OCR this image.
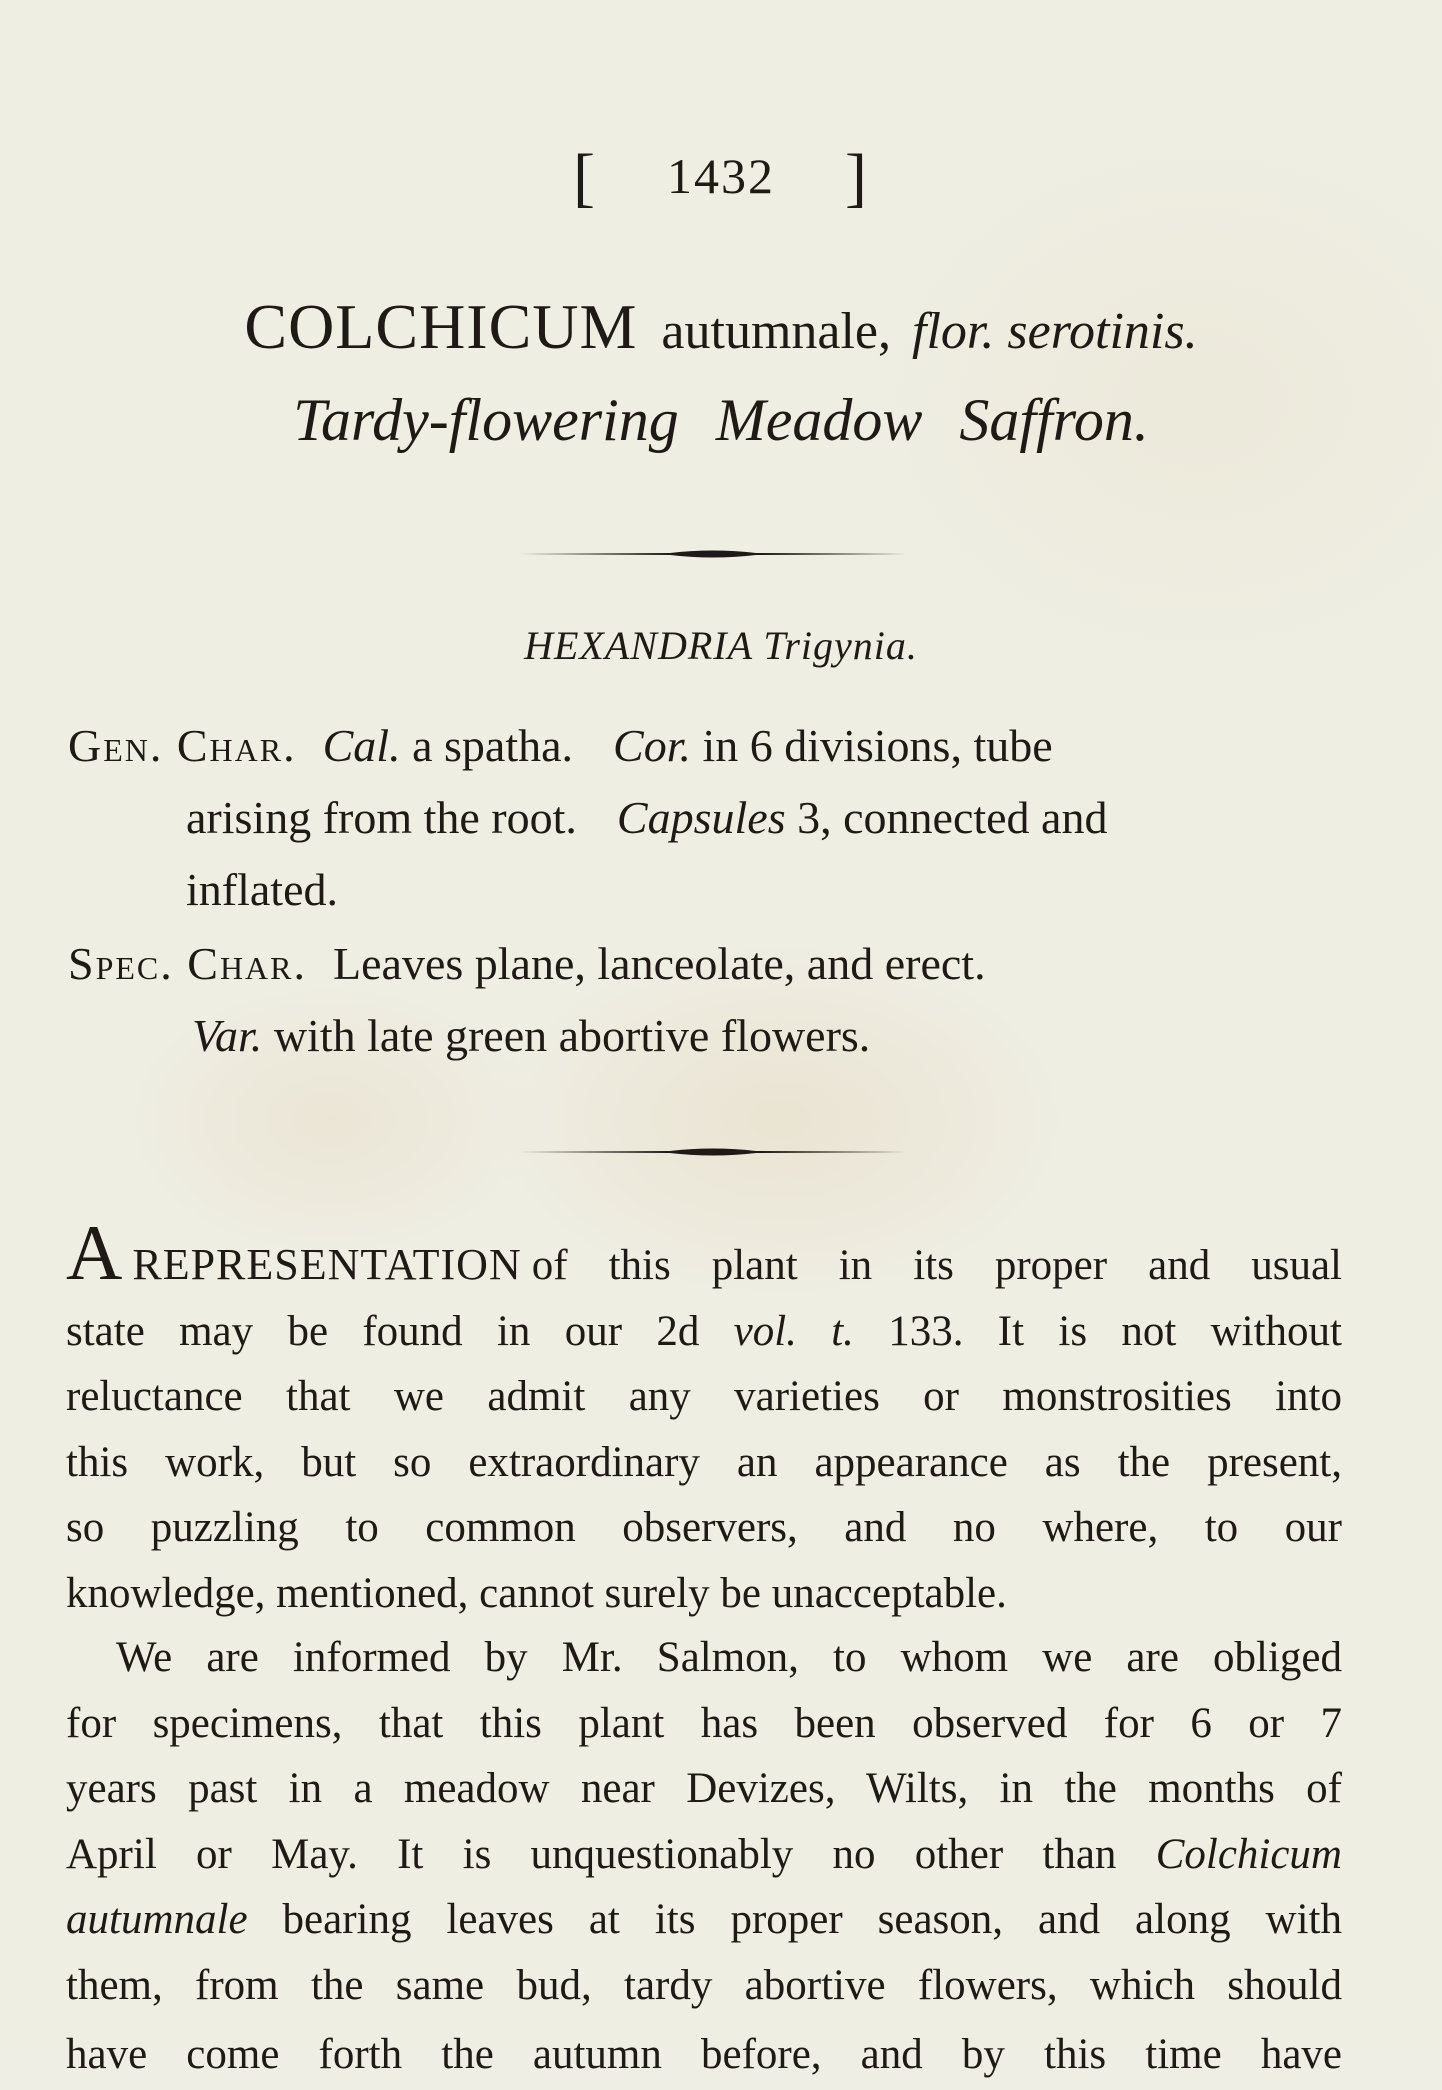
[ 1432 ]
COLCHICUM autumnale, flor. serotinis.
Tardy-flowering Meadow Saffron.
HEXANDRIA Trigynia.
Gen. Char. Cal. a spatha. Cor. in 6 divisions, tube
arising from the root. Capsules 3, connected and
inflated.
Spec. Char. Leaves plane, lanceolate, and erect.
Var. with late green abortive flowers.
AREPRESENTATION of this plant in its proper and usual
state may be found in our 2d vol. t. 133. It is not without
reluctance that we admit any varieties or monstrosities into
this work, but so extraordinary an appearance as the present,
so puzzling to common observers, and no where, to our
knowledge, mentioned, cannot surely be unacceptable.
We are informed by Mr. Salmon, to whom we are obliged
for specimens, that this plant has been observed for 6 or 7
years past in a meadow near Devizes, Wilts, in the months of
April or May. It is unquestionably no other than Colchicum
autumnale bearing leaves at its proper season, and along with
them, from the same bud, tardy abortive flowers, which should
have come forth the autumn before, and by this time have
